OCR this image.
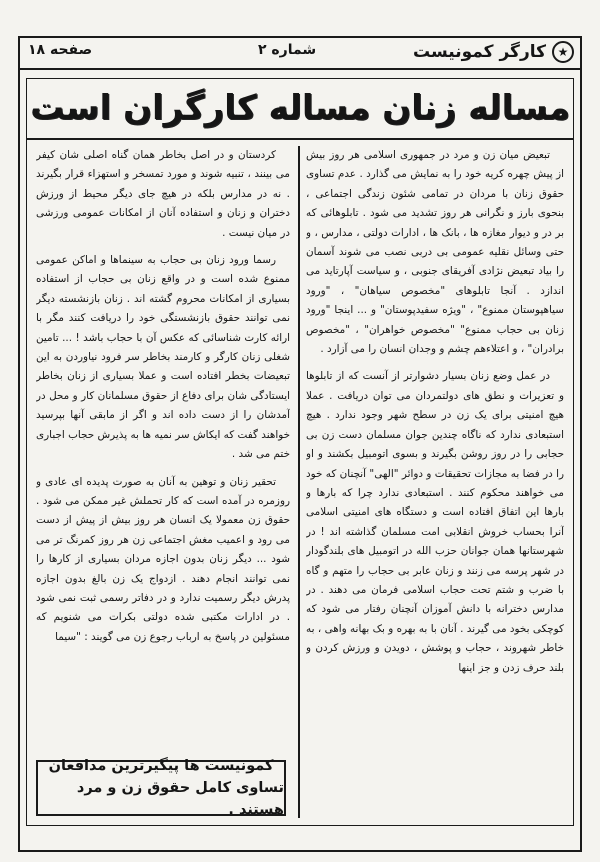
★
کارگر کمونیست
شماره ۲
صفحه ۱۸
مساله زنان مساله کارگران است

تبعیض میان زن و مرد در جمهوری اسلامی هر روز بیش از پیش چهره کریه خود را به نمایش می گذارد . عدم تساوی حقوق زنان با مردان در تمامی شئون زندگی اجتماعی ، بنحوی بارز و نگرانی هر روز تشدید می شود . تابلوهائی که بر در و دیوار مغازه ها ، بانک ها ، ادارات دولتی ، مدارس ، و حتی وسائل نقلیه عمومی بی دربی نصب می شوند آسمان را بیاد تبعیض نژادی آفریقای جنوبی ، و سیاست آپارتاید می اندازد . آنجا تابلوهای "مخصوص سیاهان" ، "ورود سیاهپوستان ممنوع" ، "ویژه سفیدپوستان" و ... اینجا "ورود زنان بی حجاب ممنوع" "مخصوص خواهران" ، "مخصوص برادران" ، و اعتلاءهم چشم و وجدان انسان را می آزارد .

در عمل وضع زنان بسیار دشوارتر از آنست که از تابلوها و تعزیرات و نطق های دولتمردان می توان دریافت . عملا هیچ امنیتی برای یک زن در سطح شهر وجود ندارد . هیچ استبعادی ندارد که ناگاه چندین جوان مسلمان دست زن بی حجابی را در روز روشن بگیرند و بسوی اتومبیل بکشند و او را در فضا به مجازات تحقیقات و دوائر "الهی" آنچنان که خود می خواهند محکوم کنند . استبعادی ندارد چرا که بارها و بارها این اتفاق افتاده است و دستگاه های امنیتی اسلامی آنرا بحساب خروش انقلابی امت مسلمان گذاشته اند ! در شهرستانها همان جوانان حزب الله در اتومبیل های بلندگودار در شهر پرسه می زنند و زنان عابر بی حجاب را متهم و گاه با ضرب و شتم تحت حجاب اسلامی فرمان می دهند . در مدارس دخترانه با دانش آموزان آنچنان رفتار می شود که کوچکی بخود می گیرند . آنان با به بهره و بک بهانه واهی ، به خاطر شهروند ، حجاب و پوشش ، دویدن و ورزش کردن و بلند حرف زدن و جز اینها

کردستان و در اصل بخاطر همان گناه اصلی شان کیفر می بینند ، تنبیه شوند و مورد تمسخر و استهزاء قرار بگیرند . نه در مدارس بلکه در هیچ جای دیگر محیط از ورزش دختران و زنان و استفاده آنان از امکانات عمومی ورزشی در میان نیست .

رسما ورود زنان بی حجاب به سینماها و اماکن عمومی ممنوع شده است و در واقع زنان بی حجاب از استفاده بسیاری از امکانات محروم گشته اند . زنان بازنشسته دیگر نمی توانند حقوق بازنشستگی خود را دریافت کنند مگر با ارائه کارت شناسائی که عکس آن با حجاب باشد ! ... تامین شغلی زنان کارگر و کارمند بخاطر سر فرود نیاوردن به این تبعیضات بخطر افتاده است و عملا بسیاری از زنان بخاطر ایستادگی شان برای دفاع از حقوق مسلمانان کار و محل در آمدشان را از دست داده اند و اگر از مابقی آنها بپرسید خواهند گفت که ایکاش سر نمیه ها به پذیرش حجاب اجباری ختم می شد .

تحقیر زنان و توهین به آنان به صورت پدیده ای عادی و روزمره در آمده است که کار تحملش غیر ممکن می شود . حقوق زن معمولا یک انسان هر روز بیش از پیش از دست می رود و اعمیب مغش اجتماعی زن هر روز کمرنگ تر می شود ... دیگر زنان بدون اجازه مردان بسیاری از کارها را نمی توانند انجام دهند . ازدواج یک زن بالغ بدون اجازه پدرش دیگر رسمیت ندارد و در دفاتر رسمی ثبت نمی شود . در ادارات مکتبی شده دولتی بکرات می شنویم که مسئولین در پاسخ به ارباب رجوع زن می گویند : "سیما

کمونیست ها پیگیرترین مدافعان
تساوی کامل حقوق زن و مرد هستند .
